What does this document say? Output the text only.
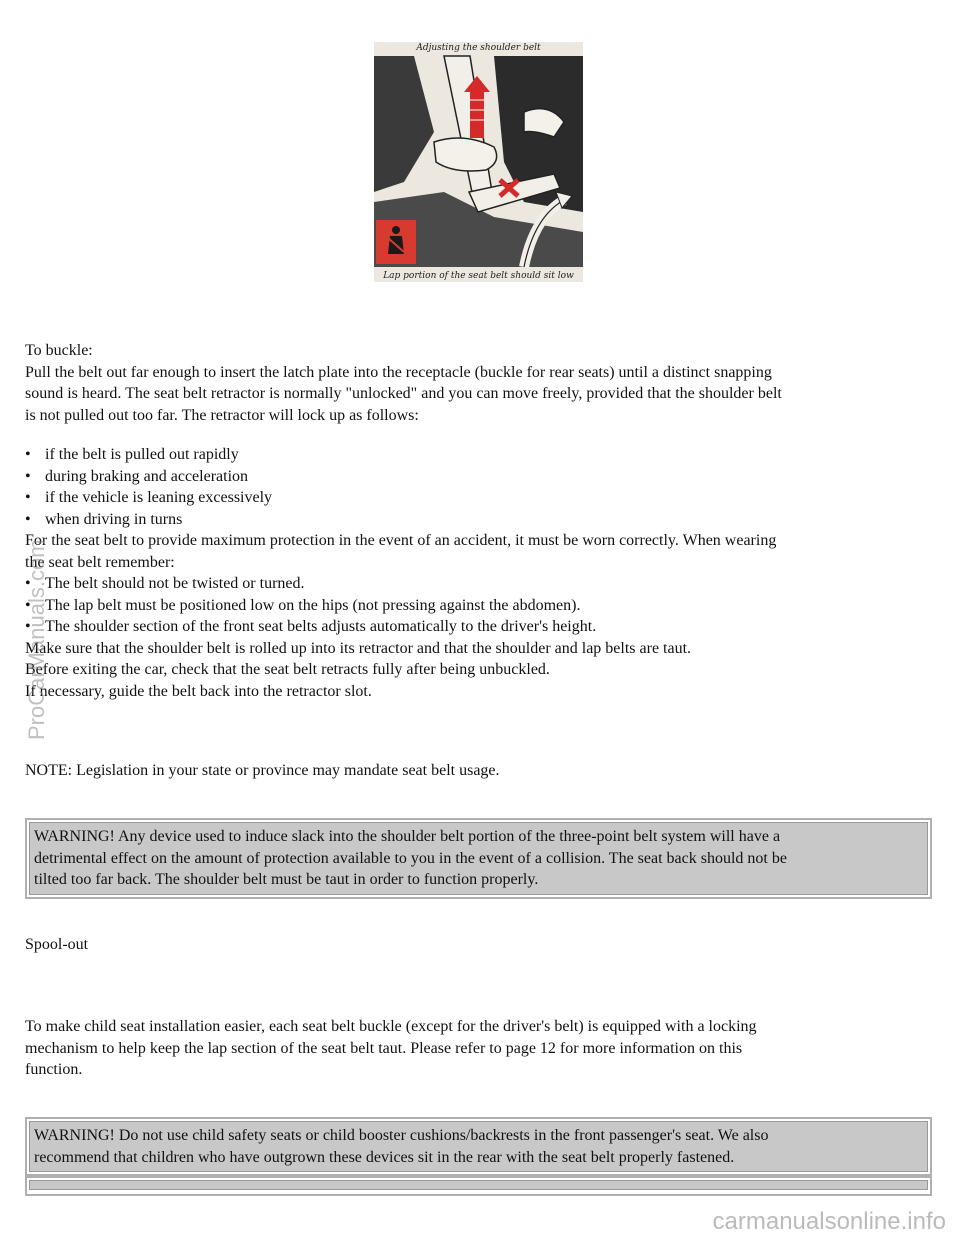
Adjusting the shoulder belt
Lap portion of the seat belt should sit low
To buckle:
Pull the belt out far enough to insert the latch plate into the receptacle (buckle for rear seats) until a distinct snapping
sound is heard. The seat belt retractor is normally "unlocked" and you can move freely, provided that the shoulder belt
is not pulled out too far. The retractor will lock up as follows:
• if the belt is pulled out rapidly
• during braking and acceleration
• if the vehicle is leaning excessively
• when driving in turns
For the seat belt to provide maximum protection in the event of an accident, it must be worn correctly. When wearing
the seat belt remember:
• The belt should not be twisted or turned.
• The lap belt must be positioned low on the hips (not pressing against the abdomen).
• The shoulder section of the front seat belts adjusts automatically to the driver's height.
Make sure that the shoulder belt is rolled up into its retractor and that the shoulder and lap belts are taut.
Before exiting the car, check that the seat belt retracts fully after being unbuckled.
If necessary, guide the belt back into the retractor slot.
NOTE: Legislation in your state or province may mandate seat belt usage.
WARNING! Any device used to induce slack into the shoulder belt portion of the three-point belt system will have a
detrimental effect on the amount of protection available to you in the event of a collision. The seat back should not be
tilted too far back. The shoulder belt must be taut in order to function properly.
Spool-out
To make child seat installation easier, each seat belt buckle (except for the driver's belt) is equipped with a locking
mechanism to help keep the lap section of the seat belt taut. Please refer to page 12 for more information on this
function.
WARNING! Do not use child safety seats or child booster cushions/backrests in the front passenger's seat. We also
recommend that children who have outgrown these devices sit in the rear with the seat belt properly fastened.
ProCarManuals.com
carmanualsonline.info
